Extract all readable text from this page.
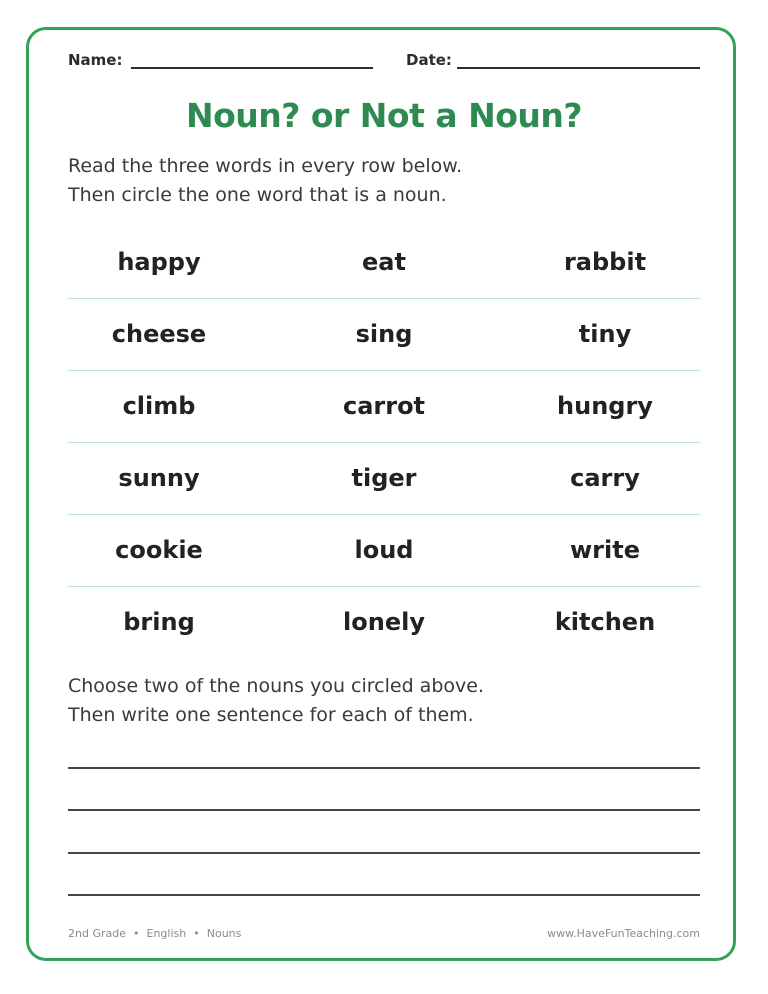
Name:	Date:
Noun? or Not a Noun?
Read the three words in every row below.
Then circle the one word that is a noun.
happy	eat	rabbit
cheese	sing	tiny
climb	carrot	hungry
sunny	tiger	carry
cookie	loud	write
bring	lonely	kitchen
Choose two of the nouns you circled above.
Then write one sentence for each of them.
2nd Grade • English • Nouns	www.HaveFunTeaching.com
